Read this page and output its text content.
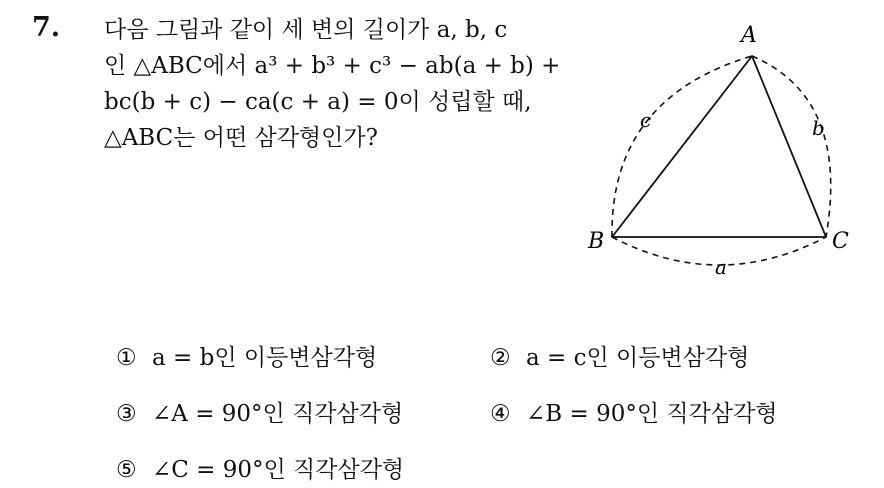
7. 다음 그림과 같이 세 변의 길이가 a, b, c
인 △ABC에서 a³ + b³ + c³ − ab(a + b) +
bc(b + c) − ca(c + a) = 0이 성립할 때,
△ABC는 어떤 삼각형인가?
A
B	C
c	b
a
① a = b인 이등변삼각형	② a = c인 이등변삼각형
③ ∠A = 90°인 직각삼각형	④ ∠B = 90°인 직각삼각형
⑤ ∠C = 90°인 직각삼각형
